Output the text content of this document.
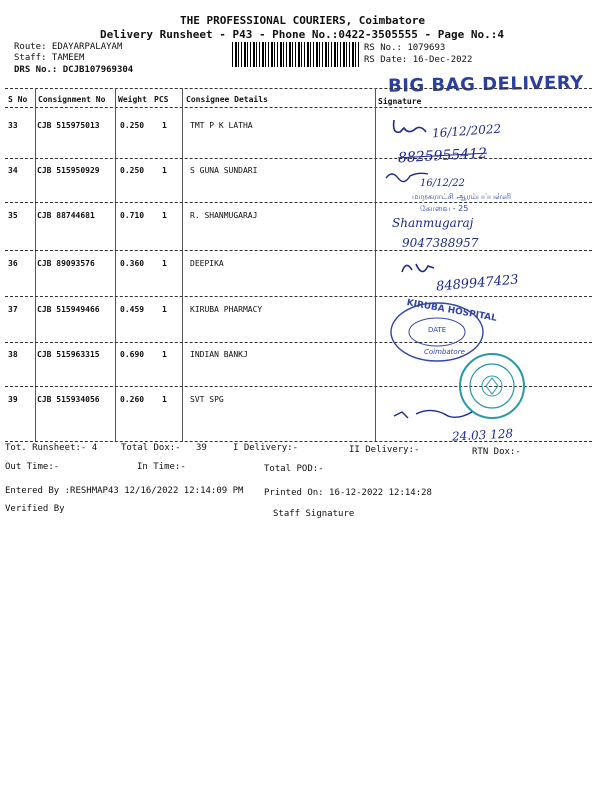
THE PROFESSIONAL COURIERS, Coimbatore
Delivery Runsheet - P43 - Phone No.:0422-3505555 - Page No.:4
Route: EDAYARPALAYAM
Staff: TAMEEM
DRS No.: DCJB107969304
RS No.: 1079693
RS Date: 16-Dec-2022
BIG BAG DELIVERY
S No Consignment No Weight PCS Consignee Details	Signature
33 CJB 515975013	0.250 1	TMT P K LATHA
34 CJB 515950929	0.250 1	S GUNA SUNDARI
35 CJB 88744681	0.710 1	R. SHANMUGARAJ
36 CJB 89093576	0.360 1	DEEPIKA
37 CJB 515949466	0.459 1	KIRUBA PHARMACY
38 CJB 515963315	0.690 1	INDIAN BANKJ
39 CJB 515934056	0.260 1	SVT SPG
16/12/2022
8825955412
16/12/22
மாநகராட்சி ஆரம்பப்பள்ளி
கோவை - 25
Shanmugaraj
9047388957
8489947423
KIRUBA HOSPITAL
DATE
Coimbatore
24.03 128
Tot. Runsheet:- 4	Total Dox:- 39	I Delivery:-	II Delivery:-	RTN Dox:-
Out Time:-	In Time:-	Total POD:-
Entered By :RESHMAP43 12/16/2022 12:14:09 PM Printed On: 16-12-2022 12:14:28
Verified By	Staff Signature
